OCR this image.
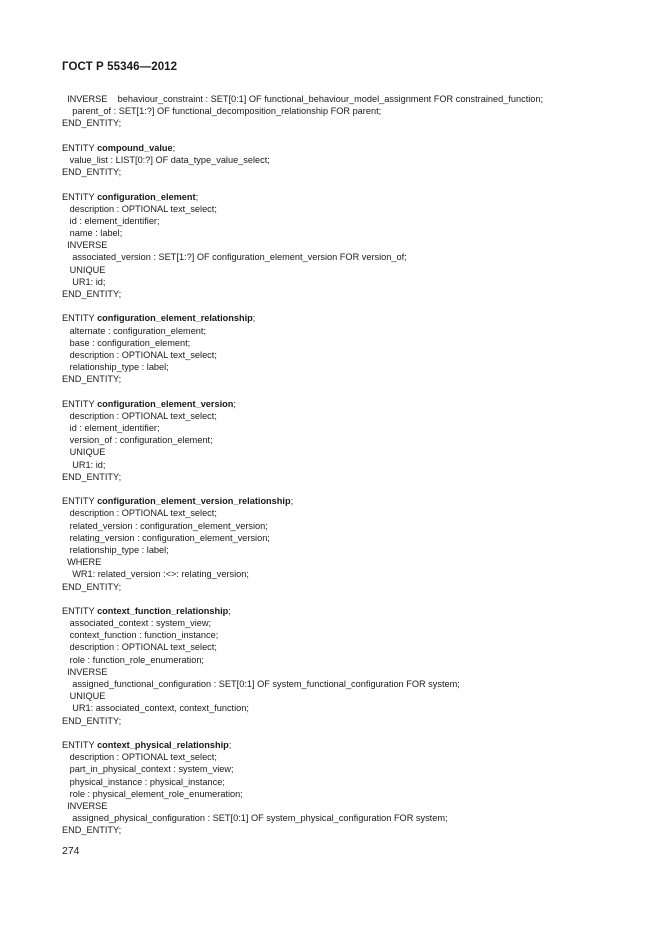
ГОСТ Р 55346—2012
INVERSE    behaviour_constraint : SET[0:1] OF functional_behaviour_model_assignment FOR constrained_function;
parent_of : SET[1:?] OF functional_decomposition_relationship FOR parent;
END_ENTITY;
ENTITY compound_value;
value_list : LIST[0:?] OF data_type_value_select;
END_ENTITY;
ENTITY configuration_element;
description : OPTIONAL text_select;
id : element_identifier;
name : label;
INVERSE
associated_version : SET[1:?] OF configuration_element_version FOR version_of;
UNIQUE
UR1: id;
END_ENTITY;
ENTITY configuration_element_relationship;
alternate : configuration_element;
base : configuration_element;
description : OPTIONAL text_select;
relationship_type : label;
END_ENTITY;
ENTITY configuration_element_version;
description : OPTIONAL text_select;
id : element_identifier;
version_of : configuration_element;
UNIQUE
UR1: id;
END_ENTITY;
ENTITY configuration_element_version_relationship;
description : OPTIONAL text_select;
related_version : configuration_element_version;
relating_version : configuration_element_version;
relationship_type : label;
WHERE
WR1: related_version :<>: relating_version;
END_ENTITY;
ENTITY context_function_relationship;
associated_context : system_view;
context_function : function_instance;
description : OPTIONAL text_select;
role : function_role_enumeration;
INVERSE
assigned_functional_configuration : SET[0:1] OF system_functional_configuration FOR system;
UNIQUE
UR1: associated_context, context_function;
END_ENTITY;
ENTITY context_physical_relationship;
description : OPTIONAL text_select;
part_in_physical_context : system_view;
physical_instance : physical_instance;
role : physical_element_role_enumeration;
INVERSE
assigned_physical_configuration : SET[0:1] OF system_physical_configuration FOR system;
END_ENTITY;
274
